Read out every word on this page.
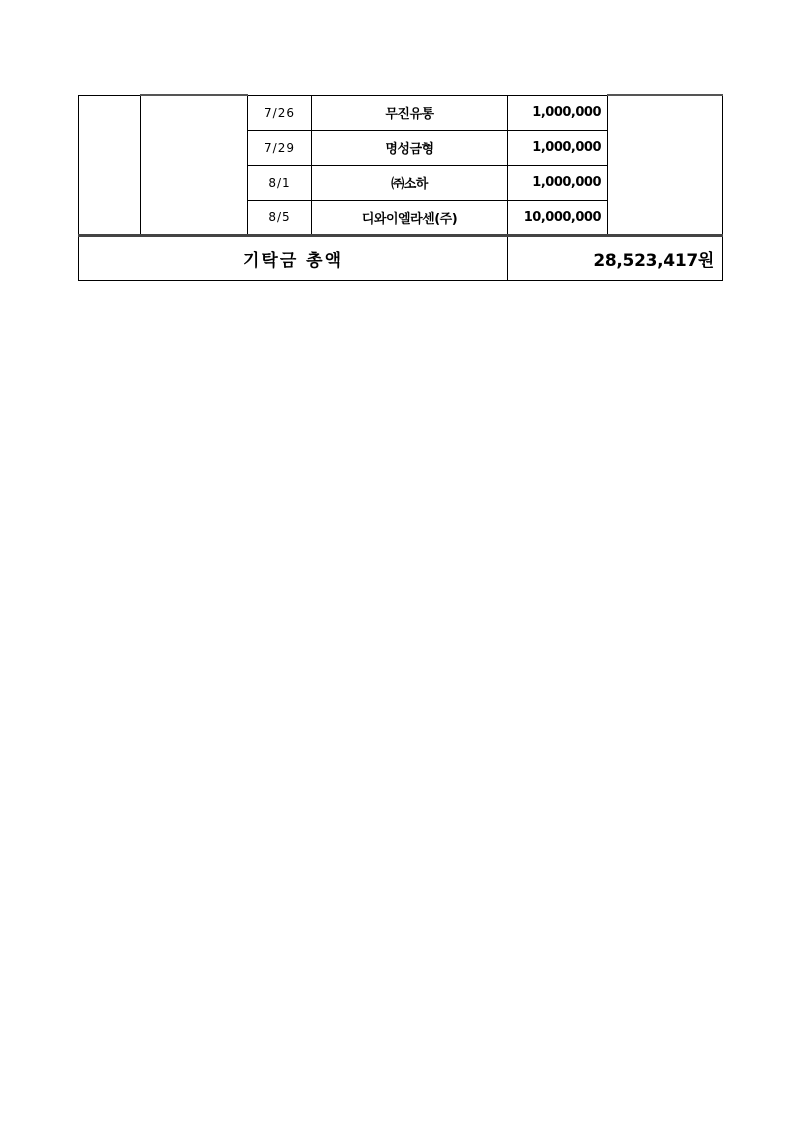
		7/26	무진유통	1,000,000	
		7/29	명성금형	1,000,000	
		8/1	㈜소하	1,000,000	
		8/5	디와이엘라센(주)	10,000,000	
기탁금 총액				28,523,417원	
